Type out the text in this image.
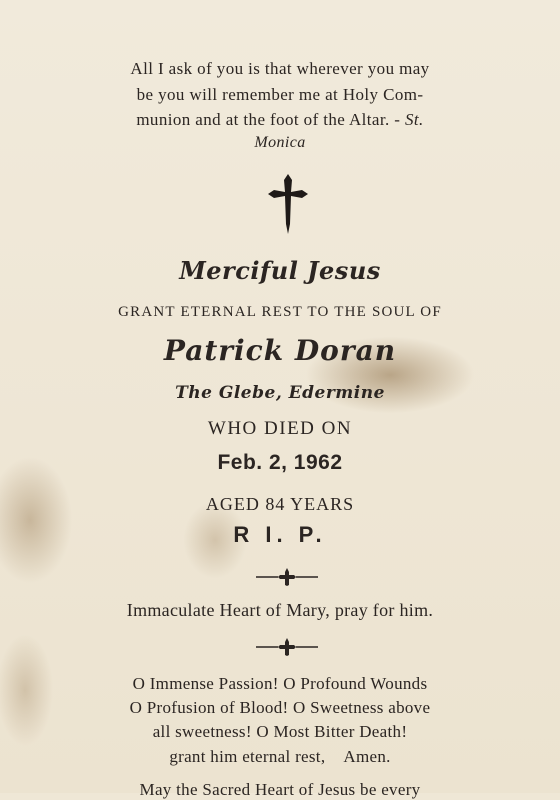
All I ask of you is that wherever you may
be you will remember me at Holy Com-
munion and at the foot of the Altar. - St.
Monica
Merciful Jesus
GRANT ETERNAL REST TO THE SOUL OF
Patrick Doran
The Glebe, Edermine
WHO DIED ON
Feb. 2, 1962
AGED 84 YEARS
R I. P.
Immaculate Heart of Mary, pray for him.
O Immense Passion! O Profound Wounds
O Profusion of Blood! O Sweetness above
all sweetness! O Most Bitter Death!
grant him eternal rest, Amen.
May the Sacred Heart of Jesus be every
